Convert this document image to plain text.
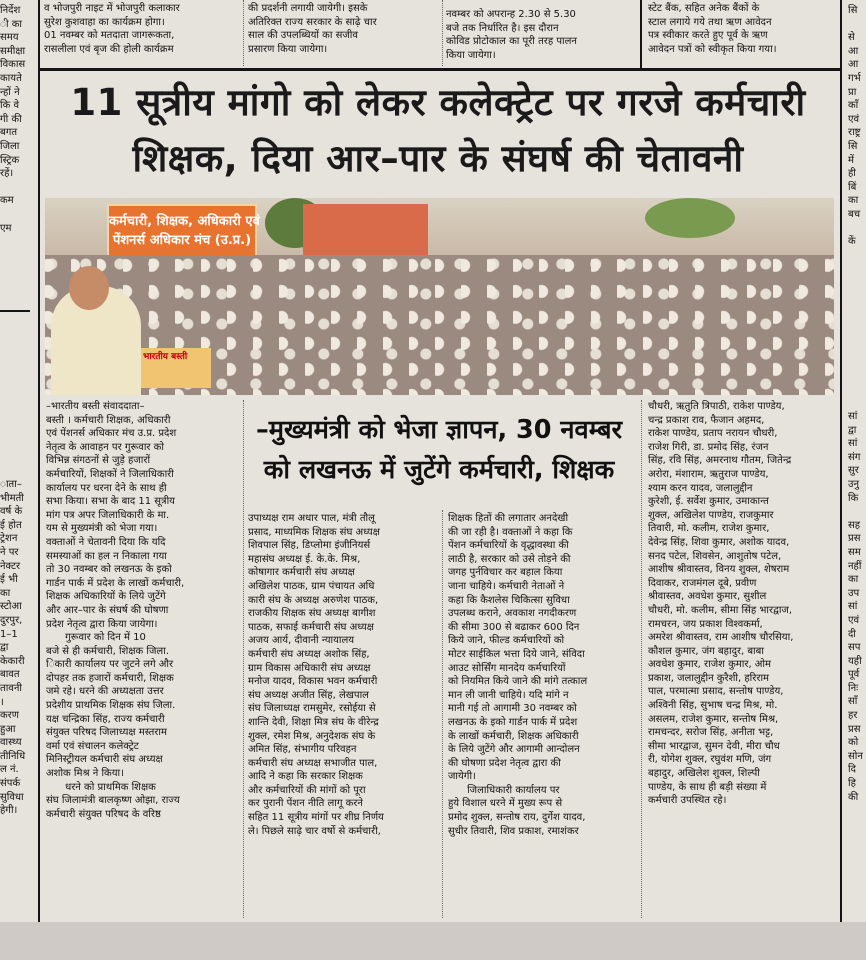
व भोजपुरी नाइट में भोजपुरी कलाकार
सुरेश कुशवाहा का कार्यक्रम होगा।
01 नवम्बर को मतदाता जागरूकता,
रासलीला एवं बृज की होली कार्यक्रम
की प्रदर्शनी लगायी जायेगी। इसके
अतिरिक्त राज्य सरकार के साढ़े चार
साल की उपलब्धियों का सजीव
प्रसारण किया जायेगा।
नवम्बर को अपरान्ह 2.30 से 5.30
बजे तक निर्धारित है। इस दौरान
कोविड प्रोटोकाल का पूरी तरह पालन
किया जायेगा।
स्टेट बैंक, सहित अनेक बैंकों के
स्टाल लगाये गये तथा ऋण आवेदन
पत्र स्वीकार करते हुए पूर्व के ऋण
आवेदन पत्रों को स्वीकृत किया गया।
निर्देश
ी का
समय
समीक्षा
विकास
कायते
न्हों ने
कि वे
गी की
बगत
जिला
स्ट्रिक
रहें।

कम

एम
ाता–
भीमती
वर्ष के
ई होत
ट्रेशन
ने पर
नेक्टर
ई भी
का
स्टोआ
दुरपुर,
1–1
द्वा
केकारी
बावत
तावनी
।
करण
हुआ
वास्थ्य
तीनिधि
ल नं.
संपर्क
सुविधा
हेगी।
सि

से
आ
आ
गर्भ
प्रा
काँ
एवं
राष्ट्र
सि
में
ही
बिं
का
बच

कें
सां
द्वा
सां
संग
सुर
उनु
कि

सह
प्रस
सम
नहीं
का
उप
सां
एवं
दी
सप
यही
पूर्व
निः
साँ
हर
प्रस
को
सोन
दि
हि
की
11 सूत्रीय मांगो को लेकर कलेक्ट्रेट पर गरजे कर्मचारी
शिक्षक, दिया आर–पार के संघर्ष की चेतावनी
कर्मचारी, शिक्षक, अधिकारी एवं
पेंशनर्स अधिकार मंच (उ.प्र.)
भारतीय बस्ती
–मुख्यमंत्री को भेजा ज्ञापन, 30 नवम्बर
को लखनऊ में जुटेंगे कर्मचारी, शिक्षक
–भारतीय बस्ती संवाददाता–
बस्ती । कर्मचारी शिक्षक, अधिकारी
एवं पेंशनर्स अधिकार मंच उ.प्र. प्रदेश
नेतृत्व के आवाहन पर गुरूवार को
विभिन्न संगठनों से जुड़े हजारों
कर्मचारियों, शिक्षकों ने जिलाधिकारी
कार्यालय पर धरना देने के साथ ही
सभा किया। सभा के बाद 11 सूत्रीय
मांग पत्र अपर जिलाधिकारी के मा.
यम से मुख्यमंत्री को भेजा गया।
वक्ताओं ने चेतावनी दिया कि यदि
समस्याओं का हल न निकाला गया
तो 30 नवम्बर को लखनऊ के इको
गार्डन पार्क में प्रदेश के लाखों कर्मचारी,
शिक्षक अधिकारियों के लिये जुटेंगे
और आर–पार के संघर्ष की घोषणा
प्रदेश नेतृत्व द्वारा किया जायेगा।
गुरूवार को दिन में 10
बजे से ही कर्मचारी, शिक्षक जिला.
िकारी कार्यालय पर जुटने लगे और
दोपहर तक हजारों कर्मचारी, शिक्षक
जमे रहे। धरने की अध्यक्षता उत्तर
प्रदेशीय प्राथमिक शिक्षक संघ जिला.
यक्ष चन्द्रिका सिंह, राज्य कर्मचारी
संयुक्त परिषद जिलाध्यक्ष मस्तराम
वर्मा एवं संचालन कलेक्ट्रेट
मिनिस्ट्रीयल कर्मचारी संघ अध्यक्ष
अशोक मिश्र ने किया।
धरने को प्राथमिक शिक्षक
संघ जिलामंत्री बालकृष्ण ओझा, राज्य
कर्मचारी संयुक्त परिषद के वरिष्ठ
उपाध्यक्ष राम अधार पाल, मंत्री तौलू
प्रसाद, माध्यमिक शिक्षक संघ अध्यक्ष
शिवपाल सिंह, डिप्लोमा इंजीनियर्स
महासंघ अध्यक्ष ई. के.के. मिश्र,
कोषागार कर्मचारी संघ अध्यक्ष
अखिलेश पाठक, ग्राम पंचायत अधि
कारी संघ के अध्यक्ष अरुणेश पाठक,
राजकीय शिक्षक संघ अध्यक्ष बागीश
पाठक, सफाई कर्मचारी संघ अध्यक्ष
अजय आर्य, दीवानी न्यायालय
कर्मचारी संघ अध्यक्ष अशोक सिंह,
ग्राम विकास अधिकारी संघ अध्यक्ष
मनोज यादव, विकास भवन कर्मचारी
संघ अध्यक्ष अजीत सिंह, लेखपाल
संघ जिलाध्यक्ष रामसुमेर, रसोईया से
शान्ति देवी, शिक्षा मित्र संघ के वीरेन्द्र
शुक्ल, रमेश मिश्र, अनुदेशक संघ के
अमित सिंह, संभागीय परिवहन
कर्मचारी संघ अध्यक्ष सभाजीत पाल,
आदि ने कहा कि सरकार शिक्षक
और कर्मचारियों की मांगों को पूरा
कर पुरानी पेंशन नीति लागू करने
सहित 11 सूत्रीय मांगों पर शीघ्र निर्णय
ले। पिछले साढ़े चार वर्षो से कर्मचारी,
शिक्षक हितों की लगातार अनदेखी
की जा रही है। वक्ताओं ने कहा कि
पेंशन कर्मचारियों के वृद्धावस्था की
लाठी है, सरकार को उसे तोड़ने की
जगह पुर्नविचार कर बहाल किया
जाना चाहिये। कर्मचारी नेताओं ने
कहा कि कैशलेस चिकित्सा सुविधा
उपलब्ध कराने, अवकाश नगदीकरण
की सीमा 300 से बढाकर 600 दिन
किये जाने, फील्ड कर्मचारियों को
मोटर साईकिल भत्ता दिये जाने, संविदा
आउट सोर्सिंग मानदेय कर्मचारियों
को नियमित किये जाने की मांगे तत्काल
मान ली जानी चाहिये। यदि मांगे न
मानी गई तो आगामी 30 नवम्बर को
लखनऊ के इको गार्डन पार्क में प्रदेश
के लाखों कर्मचारी, शिक्षक अधिकारी
के लिये जुटेंगे और आगामी आन्दोलन
की घोषणा प्रदेश नेतृत्व द्वारा की
जायेगी।
जिलाधिकारी कार्यालय पर
हुये विशाल धरने में मुख्य रूप से
प्रमोद शुक्ल, सन्तोष राय, दुर्गेश यादव,
सुधीर तिवारी, शिव प्रकाश, रमाशंकर
चौधरी, ऋतुति त्रिपाठी, राकेश पाण्डेय,
चन्द्र प्रकाश राव, फैजान अहमद,
राकेश पाण्डेय, प्रताप नरायन चौधरी,
राजेश गिरी, डा. प्रमोद सिंह, रंजन
सिंह, रवि सिंह, अमरनाथ गौतम, जितेन्द्र
अरोरा, मंशाराम, ऋतुराज पाण्डेय,
श्याम करन यादव, जलालुद्दीन
कुरेशी, ई. सर्वेश कुमार, उमाकान्त
शुक्ल, अखिलेश पाण्डेय, राजकुमार
तिवारी, मो. कलीम, राजेश कुमार,
देवेन्द्र सिंह, शिवा कुमार, अशोक यादव,
सनद पटेल, शिवसेन, आशुतोष पटेल,
आशीष श्रीवास्तव, विनय शुक्ल, शेषराम
दिवाकर, राजमंगल दूबे, प्रवीण
श्रीवास्तव, अवधेश कुमार, सुशील
चौधरी, मो. कलीम, सीमा सिंह भारद्वाज,
रामचरन, जय प्रकाश विश्वकर्मा,
अमरेश श्रीवास्तव, राम आशीष चौरसिया,
कौशल कुमार, जंग बहादुर, बाबा
अवधेश कुमार, राजेश कुमार, ओम
प्रकाश, जलालुद्दीन कुरैशी, हरिराम
पाल, परमात्मा प्रसाद, सन्तोष पाण्डेय,
अश्विनी सिंह, सुभाष चन्द्र मिश्र, मो.
असलम, राजेश कुमार, सन्तोष मिश्र,
रामचन्दर, सरोज सिंह, अनीता भट्ट,
सीमा भारद्वाज, सुमन देवी, मीरा चौध
री, योगेश शुक्ल, रघुवंश मणि, जंग
बहादुर, अखिलेश शुक्ल, शिल्पी
पाण्डेय, के साथ ही बड़ी संख्या में
कर्मचारी उपस्थित रहे।
